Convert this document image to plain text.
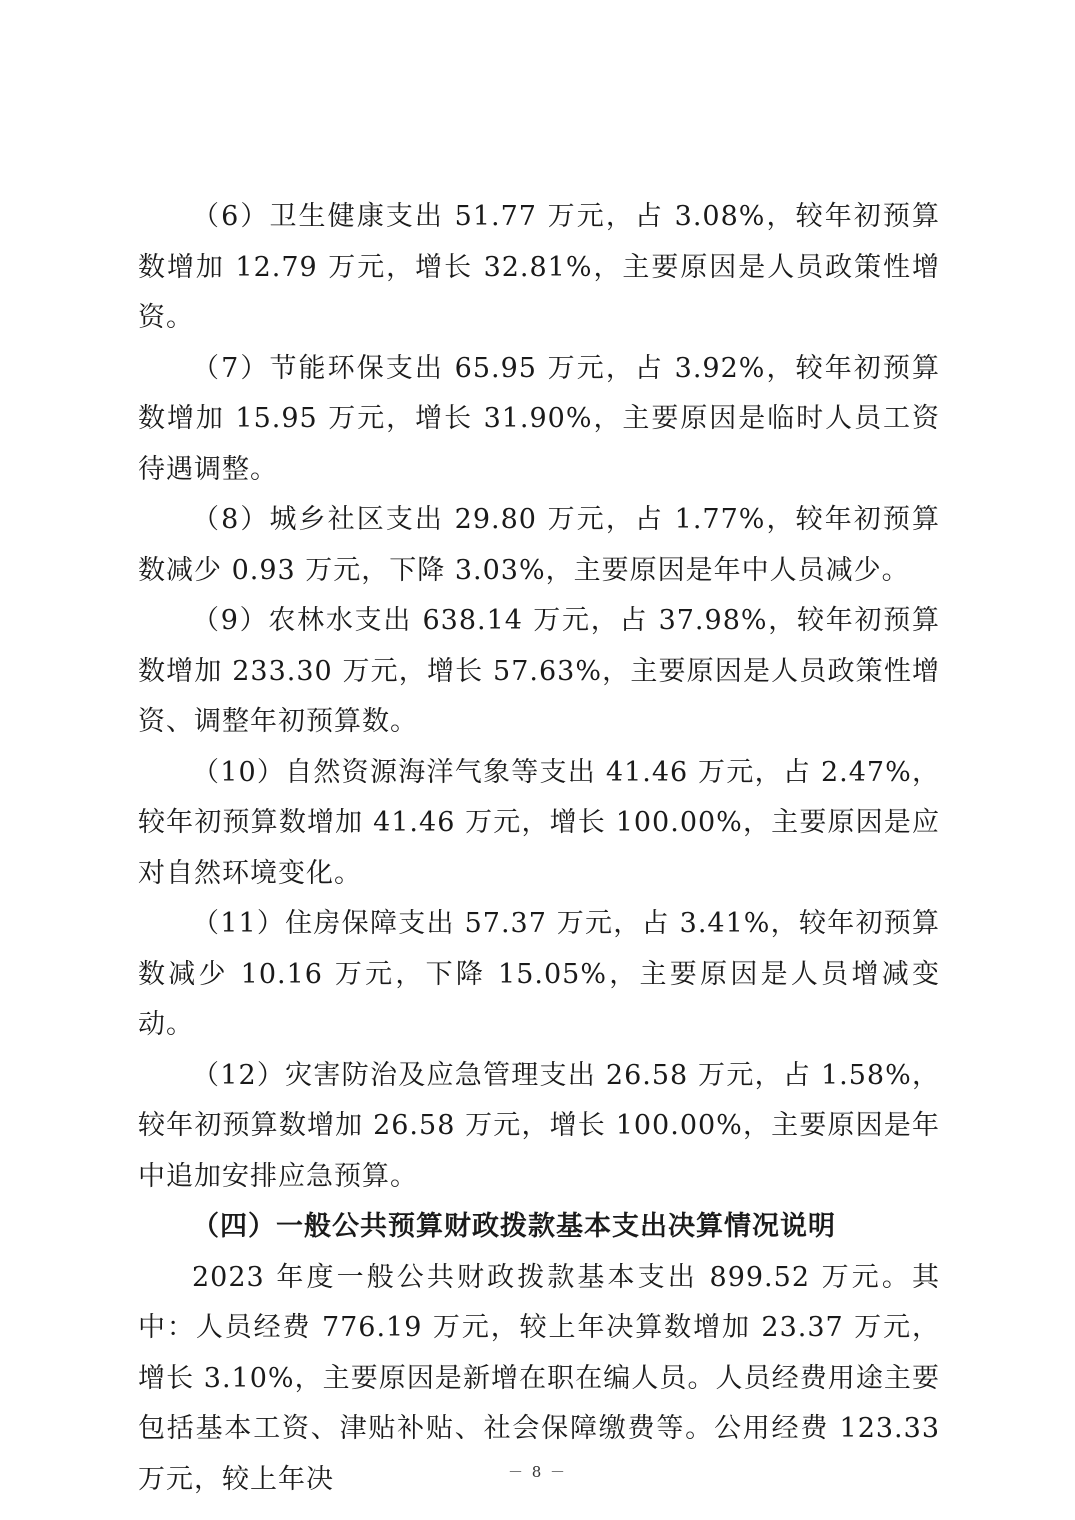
（6）卫生健康支出 51.77 万元，占 3.08%，较年初预算数增加 12.79 万元，增长 32.81%，主要原因是人员政策性增资。

（7）节能环保支出 65.95 万元，占 3.92%，较年初预算数增加 15.95 万元，增长 31.90%，主要原因是临时人员工资待遇调整。

（8）城乡社区支出 29.80 万元，占 1.77%，较年初预算数减少 0.93 万元，下降 3.03%，主要原因是年中人员减少。

（9）农林水支出 638.14 万元，占 37.98%，较年初预算数增加 233.30 万元，增长 57.63%，主要原因是人员政策性增资、调整年初预算数。

（10）自然资源海洋气象等支出 41.46 万元，占 2.47%，较年初预算数增加 41.46 万元，增长 100.00%，主要原因是应对自然环境变化。

（11）住房保障支出 57.37 万元，占 3.41%，较年初预算数减少 10.16 万元，下降 15.05%，主要原因是人员增减变动。

（12）灾害防治及应急管理支出 26.58 万元，占 1.58%，较年初预算数增加 26.58 万元，增长 100.00%，主要原因是年中追加安排应急预算。

（四）一般公共预算财政拨款基本支出决算情况说明

2023 年度一般公共财政拨款基本支出 899.52 万元。其中：人员经费 776.19 万元，较上年决算数增加 23.37 万元，增长 3.10%，主要原因是新增在职在编人员。人员经费用途主要包括基本工资、津贴补贴、社会保障缴费等。公用经费 123.33 万元，较上年决	－ 8 －
